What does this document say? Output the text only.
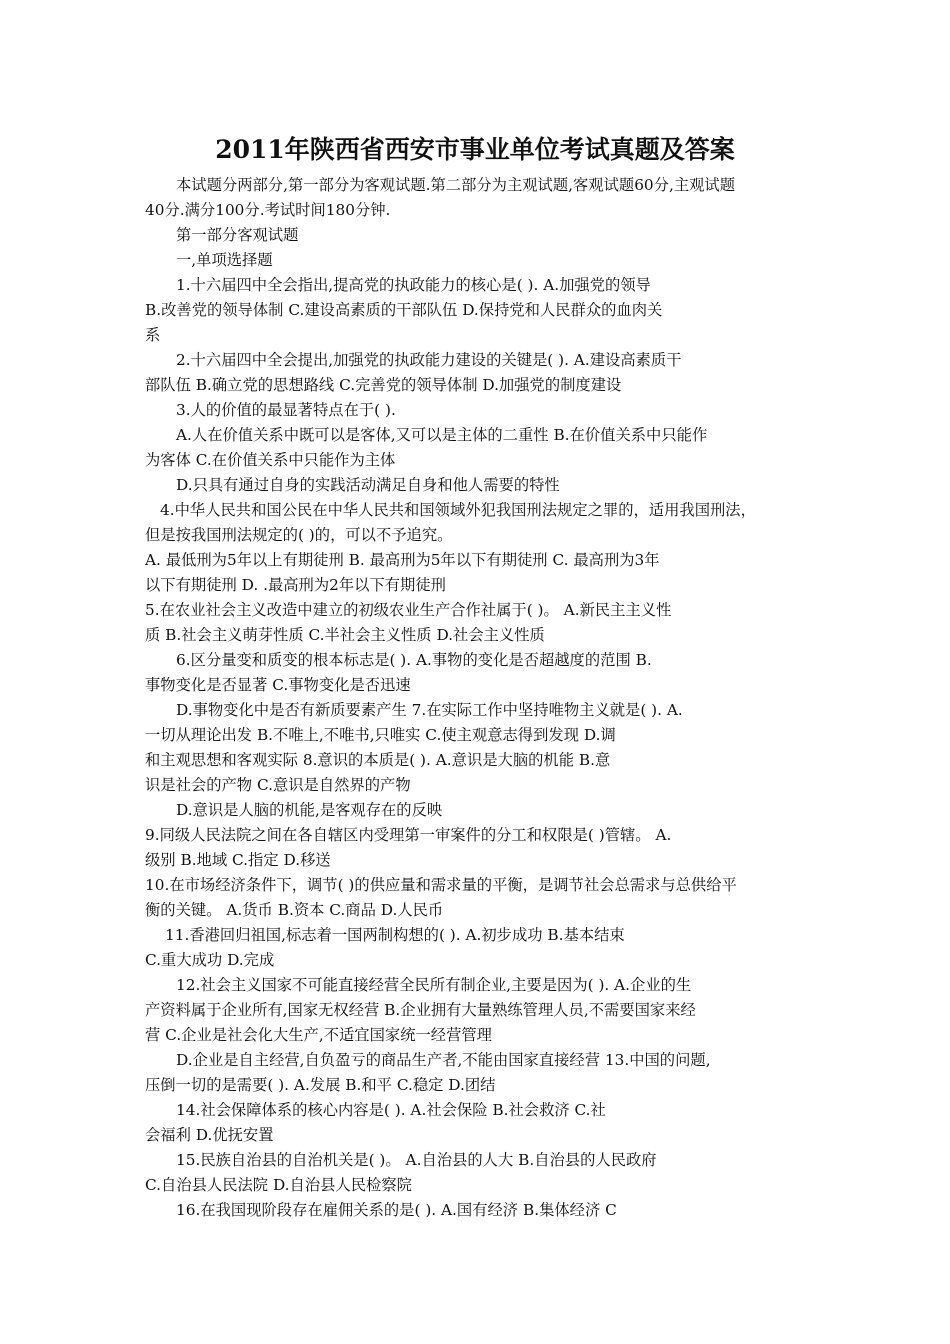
2011年陕西省西安市事业单位考试真题及答案
本试题分两部分,第一部分为客观试题.第二部分为主观试题,客观试题60分,主观试题
40分.满分100分.考试时间180分钟.
第一部分客观试题
一,单项选择题
1.十六届四中全会指出,提高党的执政能力的核心是( ). A.加强党的领导
B.改善党的领导体制 C.建设高素质的干部队伍 D.保持党和人民群众的血肉关
系
2.十六届四中全会提出,加强党的执政能力建设的关键是( ). A.建设高素质干
部队伍 B.确立党的思想路线 C.完善党的领导体制 D.加强党的制度建设
3.人的价值的最显著特点在于( ).
A.人在价值关系中既可以是客体,又可以是主体的二重性 B.在价值关系中只能作
为客体 C.在价值关系中只能作为主体
D.只具有通过自身的实践活动满足自身和他人需要的特性
4.中华人民共和国公民在中华人民共和国领域外犯我国刑法规定之罪的，适用我国刑法，
但是按我国刑法规定的( )的，可以不予追究。
A. 最低刑为5年以上有期徒刑 B. 最高刑为5年以下有期徒刑 C. 最高刑为3年
以下有期徒刑 D. .最高刑为2年以下有期徒刑
5.在农业社会主义改造中建立的初级农业生产合作社属于( )。 A.新民主主义性
质 B.社会主义萌芽性质 C.半社会主义性质 D.社会主义性质
6.区分量变和质变的根本标志是( ). A.事物的变化是否超越度的范围 B.
事物变化是否显著 C.事物变化是否迅速
D.事物变化中是否有新质要素产生 7.在实际工作中坚持唯物主义就是( ). A.
一切从理论出发 B.不唯上,不唯书,只唯实 C.使主观意志得到发现 D.调
和主观思想和客观实际 8.意识的本质是( ). A.意识是大脑的机能 B.意
识是社会的产物 C.意识是自然界的产物
D.意识是人脑的机能,是客观存在的反映
9.同级人民法院之间在各自辖区内受理第一审案件的分工和权限是( )管辖。 A.
级别 B.地域 C.指定 D.移送
10.在市场经济条件下，调节( )的供应量和需求量的平衡，是调节社会总需求与总供给平
衡的关键。 A.货币 B.资本 C.商品 D.人民币
11.香港回归祖国,标志着一国两制构想的( ). A.初步成功 B.基本结束
C.重大成功 D.完成
12.社会主义国家不可能直接经营全民所有制企业,主要是因为( ). A.企业的生
产资料属于企业所有,国家无权经营 B.企业拥有大量熟练管理人员,不需要国家来经
营 C.企业是社会化大生产,不适宜国家统一经营管理
D.企业是自主经营,自负盈亏的商品生产者,不能由国家直接经营 13.中国的问题,
压倒一切的是需要( ). A.发展 B.和平 C.稳定 D.团结
14.社会保障体系的核心内容是( ). A.社会保险 B.社会救济 C.社
会福利 D.优抚安置
15.民族自治县的自治机关是( )。 A.自治县的人大 B.自治县的人民政府
C.自治县人民法院 D.自治县人民检察院
16.在我国现阶段存在雇佣关系的是( ). A.国有经济 B.集体经济 C
